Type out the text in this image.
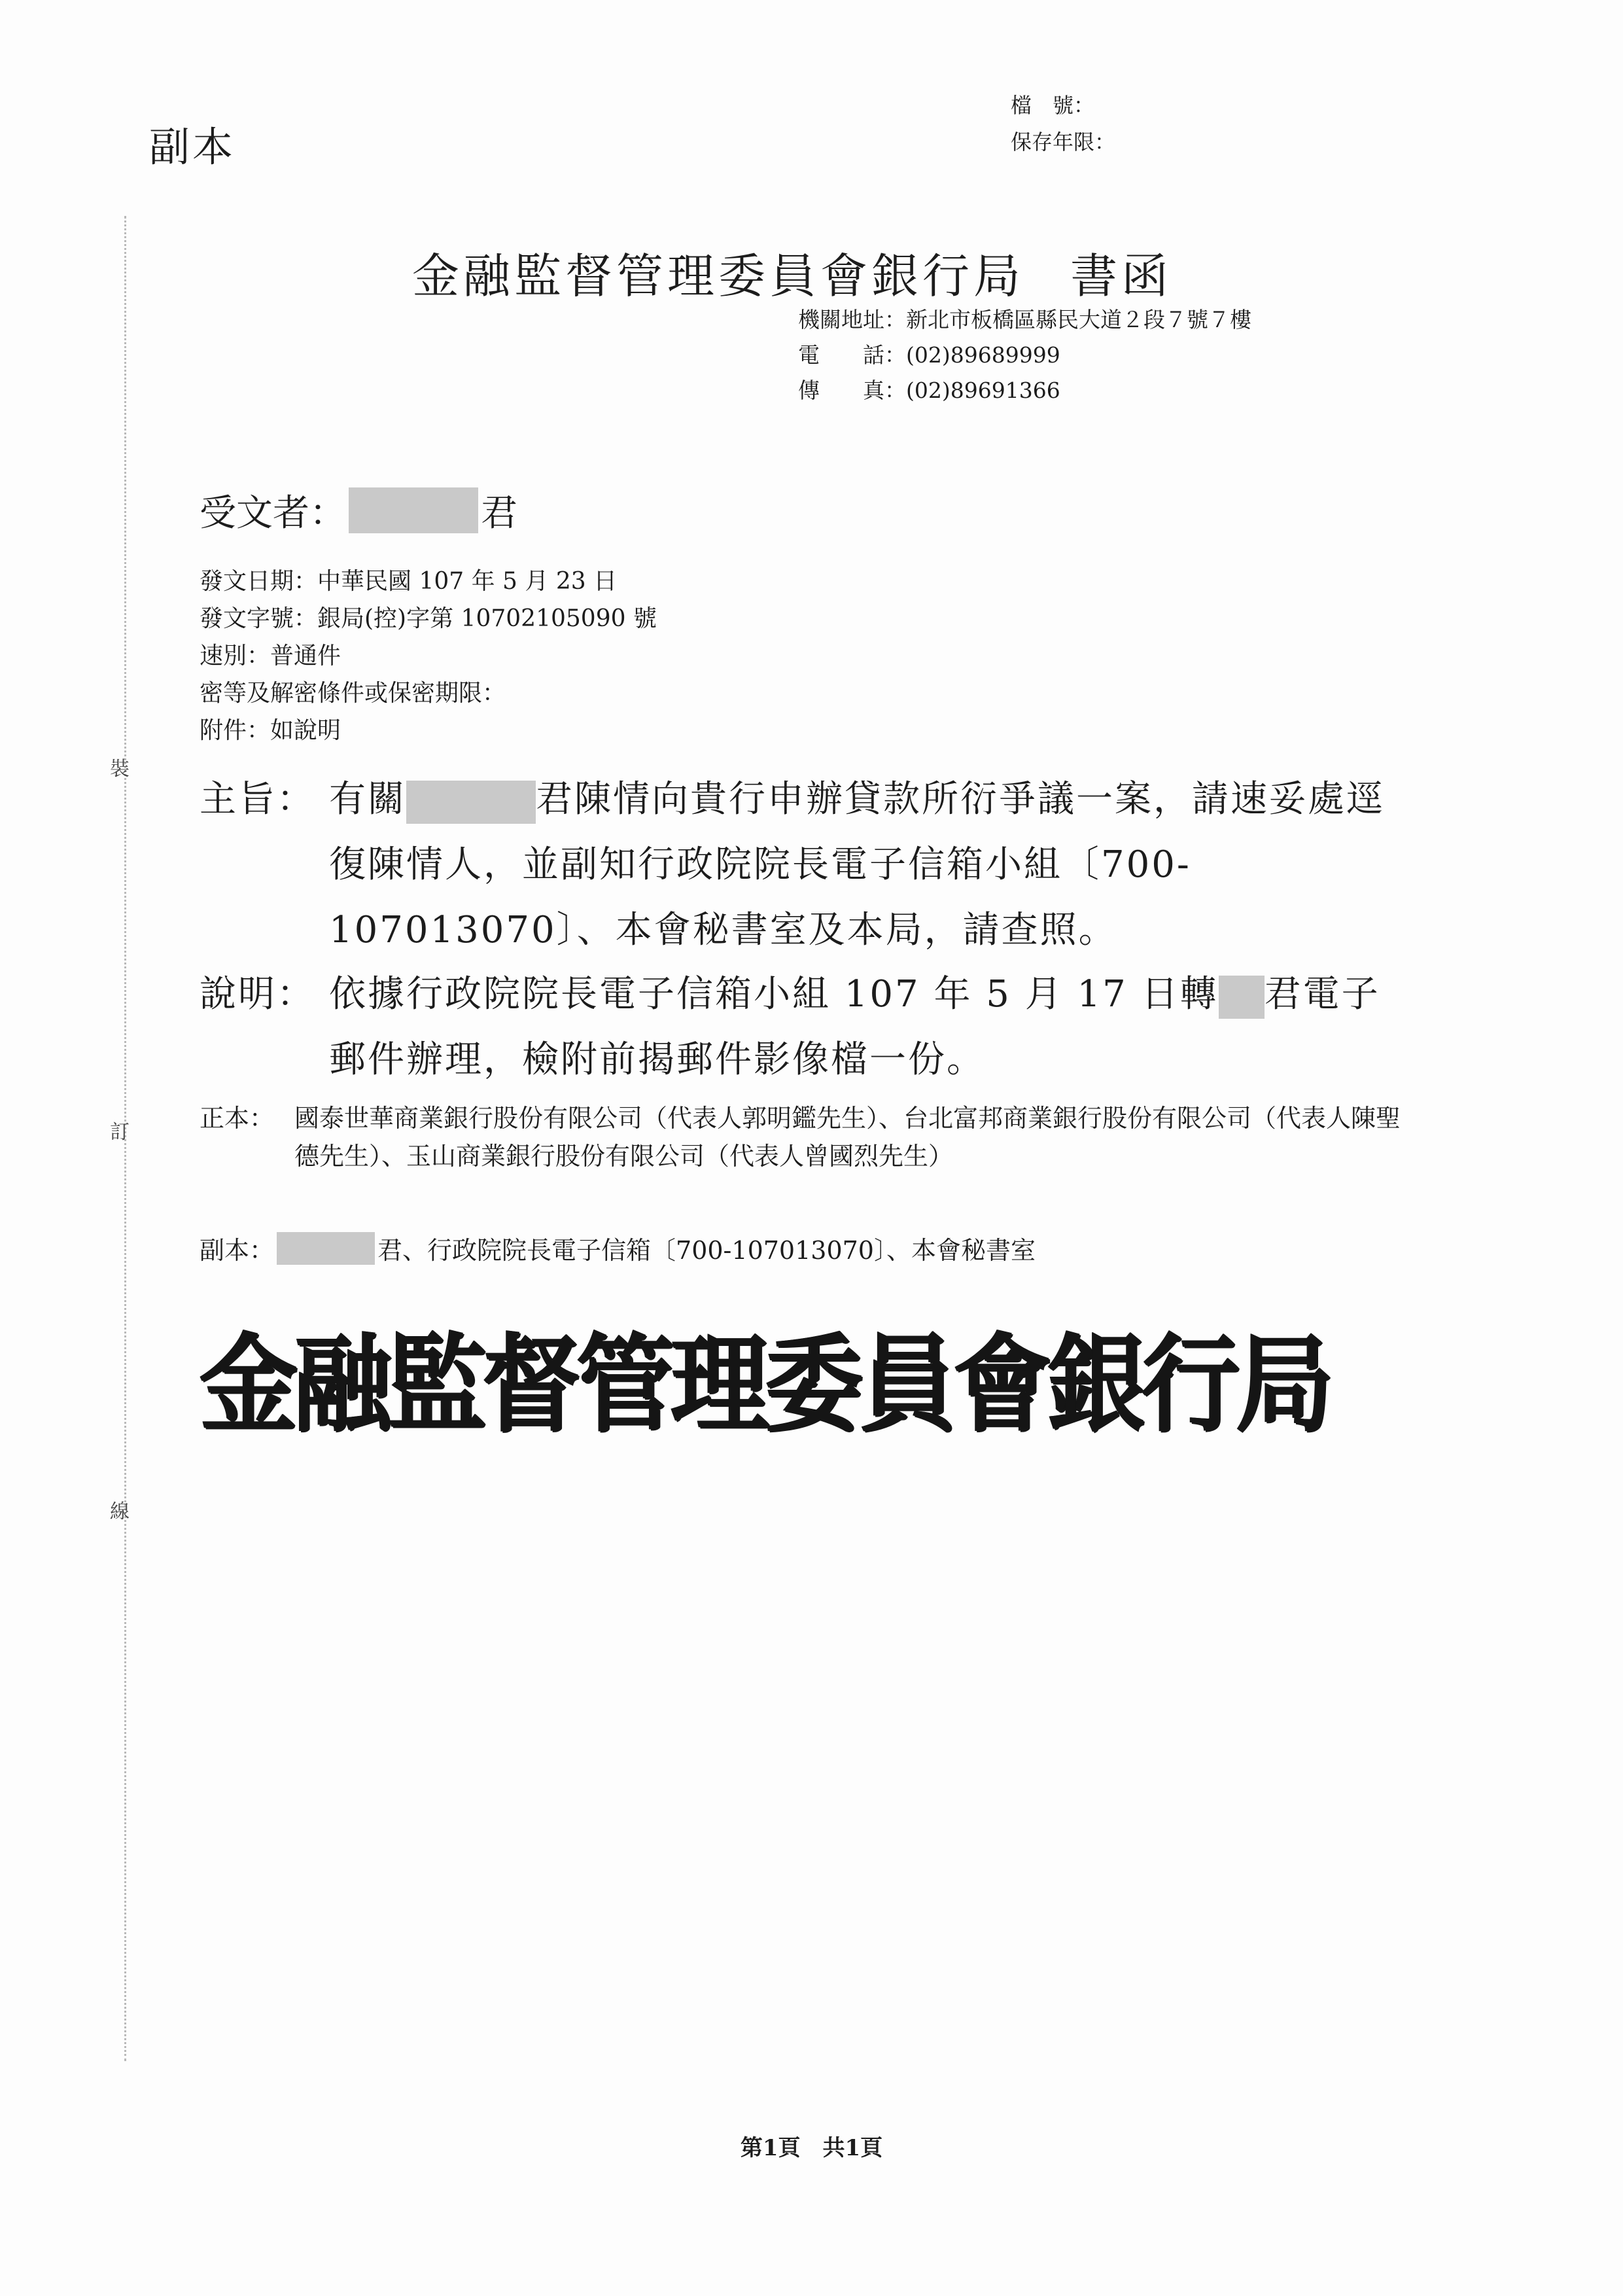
裝
訂
線
副本
檔　號：
保存年限：
金融監督管理委員會銀行局 書函
機關地址： 新北市板橋區縣民大道２段７號７樓
電　　話： (02)89689999
傳　　真： (02)89691366
受文者：	君
發文日期： 中華民國 107 年 5 月 23 日
發文字號： 銀局(控)字第 10702105090 號
速別： 普通件
密等及解密條件或保密期限：
附件： 如說明
主旨： 有關	君陳情向貴行申辦貸款所衍爭議一案，請速妥處逕復陳情人，並副知行政院院長電子信箱小組〔700-107013070〕、本會秘書室及本局，請查照。
說明： 依據行政院院長電子信箱小組 107 年 5 月 17 日轉 君電子郵件辦理，檢附前揭郵件影像檔一份。
正本： 國泰世華商業銀行股份有限公司（代表人郭明鑑先生）、台北富邦商業銀行股份有限公司（代表人陳聖德先生）、玉山商業銀行股份有限公司（代表人曾國烈先生）
副本：	君、行政院院長電子信箱〔700-107013070〕、本會秘書室
金融監督管理委員會銀行局
第1頁　共1頁
